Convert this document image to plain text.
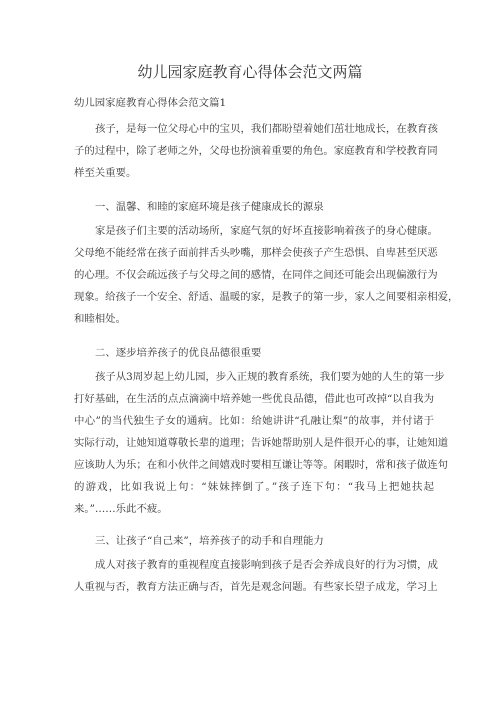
幼儿园家庭教育心得体会范文两篇
幼儿园家庭教育心得体会范文篇1
孩子，是每一位父母心中的宝贝，我们都盼望着她们茁壮地成长，在教育孩
子的过程中，除了老师之外，父母也扮演着重要的角色。家庭教育和学校教育同
样至关重要。
一、温馨、和睦的家庭环境是孩子健康成长的源泉
家是孩子们主要的活动场所，家庭气氛的好坏直接影响着孩子的身心健康。
父母绝不能经常在孩子面前拌舌头吵嘴，那样会使孩子产生恐惧、自卑甚至厌恶
的心理。不仅会疏远孩子与父母之间的感情，在同伴之间还可能会出现偏激行为
现象。给孩子一个安全、舒适、温暖的家，是教子的第一步，家人之间要相亲相爱，
和睦相处。
二、逐步培养孩子的优良品德很重要
孩子从3周岁起上幼儿园，步入正规的教育系统，我们要为她的人生的第一步
打好基础，在生活的点点滴滴中培养她一些优良品德，借此也可改掉“以自我为
中心”的当代独生子女的通病。比如：给她讲讲“孔融让梨”的故事，并付诸于
实际行动，让她知道尊敬长辈的道理；告诉她帮助别人是件很开心的事，让她知道
应该助人为乐；在和小伙伴之间嬉戏时要相互谦让等等。闲暇时，常和孩子做连句
的游戏，比如我说上句：“妹妹摔倒了。”孩子连下句：“我马上把她扶起
来。”……乐此不疲。
三、让孩子“自己来”，培养孩子的动手和自理能力
成人对孩子教育的重视程度直接影响到孩子是否会养成良好的行为习惯，成
人重视与否，教育方法正确与否，首先是观念问题。有些家长望子成龙，学习上
